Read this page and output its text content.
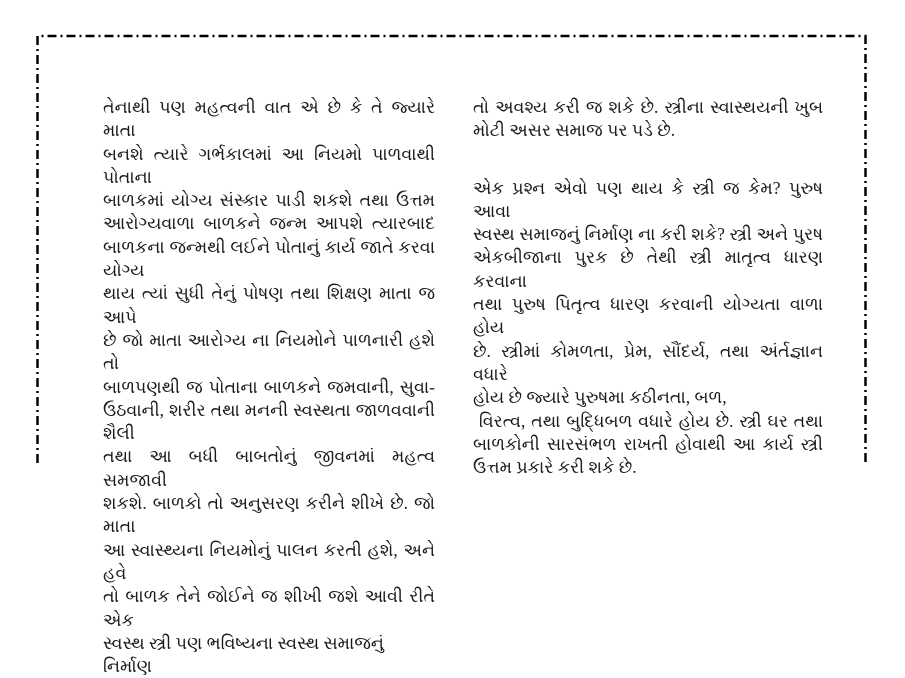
તેનાથી પણ મહત્વની વાત એ છે કે તે જ્યારે માતા
બનશે ત્યારે ગર્ભકાલમાં આ નિયમો પાળવાથી પોતાના
બાળકમાં યોગ્ય સંસ્કાર પાડી શકશે તથા ઉત્તમ
આરોગ્યવાળા બાળકને જન્મ આપશે ત્યારબાદ
બાળકના જન્મથી લઈને પોતાનું કાર્ય જાતે કરવા યોગ્ય
થાય ત્યાં સુધી તેનું પોષણ તથા શિક્ષણ માતા જ આપે
છે જો માતા આરોગ્ય ના નિયમોને પાળનારી હશે તો
બાળપણથી જ પોતાના બાળકને જમવાની, સુવા-
ઉઠવાની, શરીર તથા મનની સ્વસ્થતા જાળવવાની શૈલી
તથા આ બધી બાબતોનું જીવનમાં મહત્વ સમજાવી
શકશે. બાળકો તો અનુસરણ કરીને શીખે છે. જો માતા
આ સ્વાસ્થ્યના નિયમોનું પાલન કરતી હશે, અને હવે
તો બાળક તેને જોઈને જ શીખી જશે આવી રીતે એક
સ્વસ્થ સ્ત્રી પણ ભવિષ્યના સ્વસ્થ સમાજનું નિર્માણ
તો અવશ્ય કરી જ શકે છે. સ્ત્રીના સ્વાસ્થયની ખુબ
મોટી અસર સમાજ પર પડે છે.
એક પ્રશ્ન એવો પણ થાય કે સ્ત્રી જ કેમ? પુરુષ આવા
સ્વસ્થ સમાજનું નિર્માણ ના કરી શકે? સ્ત્રી અને પુરષ
એકબીજાના પુરક છે તેથી સ્ત્રી માતૃત્વ ધારણ કરવાના
તથા પુરુષ પિતૃત્વ ધારણ કરવાની યોગ્યતા વાળા હોય
છે. સ્ત્રીમાં કોમળતા, પ્રેમ, સૌંદર્ય, તથા અંર્તજ્ઞાન વધારે
હોય છે જ્યારે પુરુષમા કઠીનતા, બળ,
વિરત્વ, તથા બુદ્ધિબળ વધારે હોય છે. સ્ત્રી ઘર તથા
બાળકોની સારસંભળ રાખતી હોવાથી આ કાર્ય સ્ત્રી
ઉત્તમ પ્રકારે કરી શકે છે.
